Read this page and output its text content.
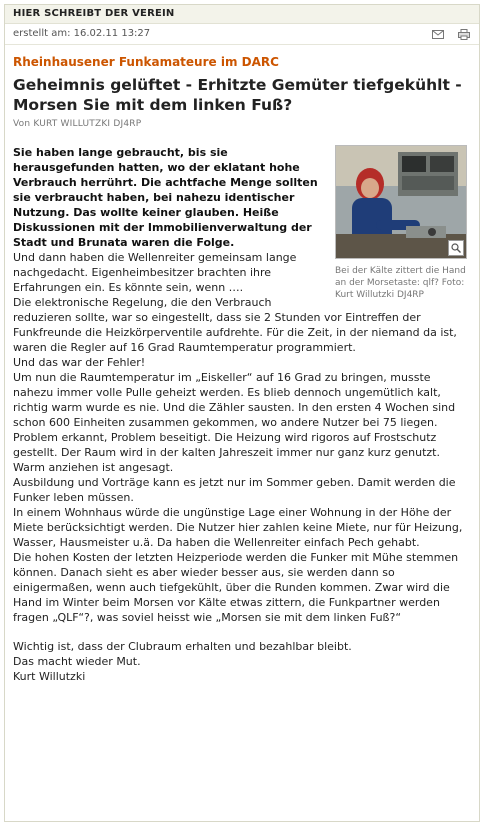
HIER SCHREIBT DER VEREIN
erstellt am: 16.02.11 13:27
Rheinhausener Funkamateure im DARC
Geheimnis gelüftet - Erhitzte Gemüter tiefgekühlt -Morsen Sie mit dem linken Fuß?
Von KURT WILLUTZKI DJ4RP
Bei der Kälte zittert die Hand an der Morsetaste: qlf? Foto: Kurt Willutzki DJ4RP

Sie haben lange gebraucht, bis sie herausgefunden hatten, wo der eklatant hohe Verbrauch herrührt. Die achtfache Menge sollten sie verbraucht haben, bei nahezu identischer Nutzung. Das wollte keiner glauben. Heiße Diskussionen mit der Immobilienverwaltung der Stadt und Brunata waren die Folge.

Und dann haben die Wellenreiter gemeinsam lange nachgedacht. Eigenheimbesitzer brachten ihre Erfahrungen ein. Es könnte sein, wenn ….

Die elektronische Regelung, die den Verbrauch reduzieren sollte, war so eingestellt, dass sie 2 Stunden vor Eintreffen der Funkfreunde die Heizkörperventile aufdrehte. Für die Zeit, in der niemand da ist, waren die Regler auf 16 Grad Raumtemperatur programmiert.

Und das war der Fehler!

Um nun die Raumtemperatur im „Eiskeller“ auf 16 Grad zu bringen, musste nahezu immer volle Pulle geheizt werden. Es blieb dennoch ungemütlich kalt, richtig warm wurde es nie. Und die Zähler sausten. In den ersten 4 Wochen sind schon 600 Einheiten zusammen gekommen, wo andere Nutzer bei 75 liegen.

Problem erkannt, Problem beseitigt. Die Heizung wird rigoros auf Frostschutz gestellt. Der Raum wird in der kalten Jahreszeit immer nur ganz kurz genutzt. Warm anziehen ist angesagt.

Ausbildung und Vorträge kann es jetzt nur im Sommer geben. Damit werden die Funker leben müssen.

In einem Wohnhaus würde die ungünstige Lage einer Wohnung in der Höhe der Miete berücksichtigt werden. Die Nutzer hier zahlen keine Miete, nur für Heizung, Wasser, Hausmeister u.ä. Da haben die Wellenreiter einfach Pech gehabt.

Die hohen Kosten der letzten Heizperiode werden die Funker mit Mühe stemmen können. Danach sieht es aber wieder besser aus, sie werden dann so einigermaßen, wenn auch tiefgekühlt, über die Runden kommen. Zwar wird die Hand im Winter beim Morsen vor Kälte etwas zittern, die Funkpartner werden fragen „QLF“?, was soviel heisst wie „Morsen sie mit dem linken Fuß?“

Wichtig ist, dass der Clubraum erhalten und bezahlbar bleibt.

Das macht wieder Mut.

Kurt Willutzki
